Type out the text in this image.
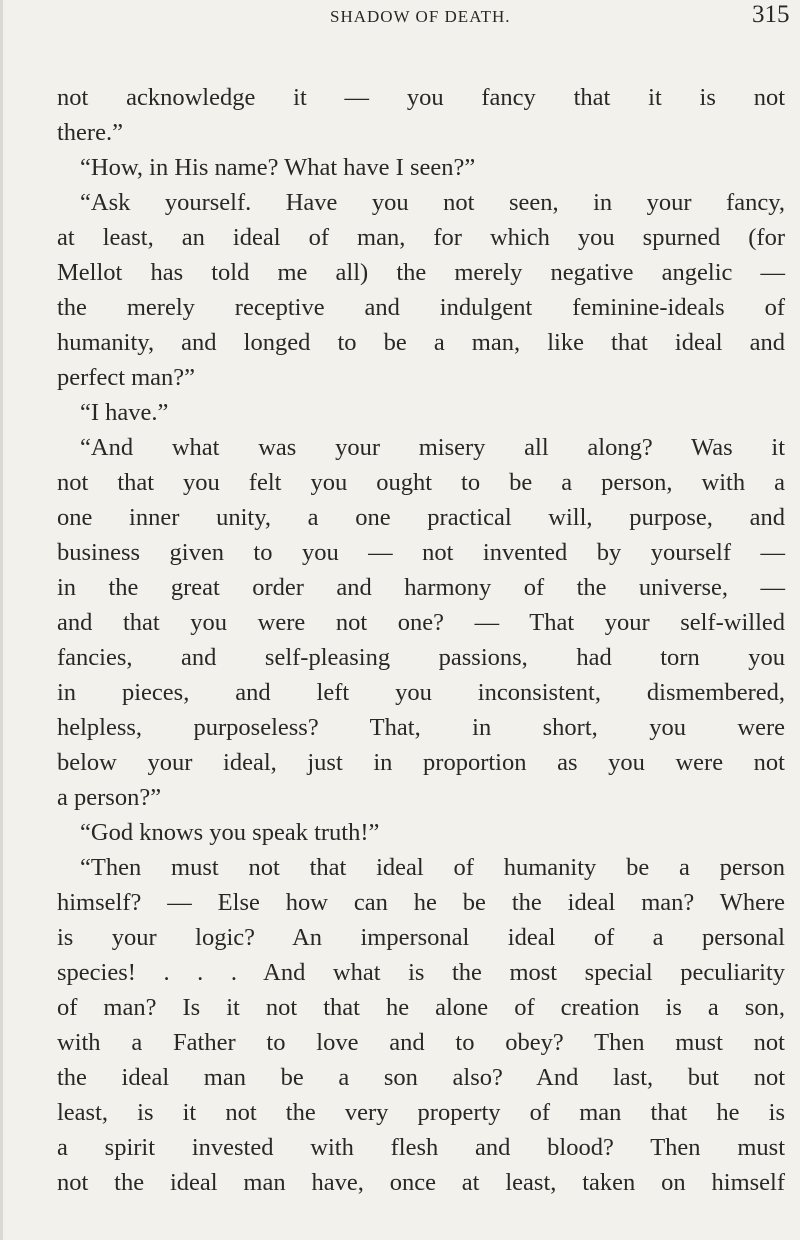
SHADOW OF DEATH.	315
not acknowledge it — you fancy that it is not
there.”
“How, in His name? What have I seen?”
“Ask yourself. Have you not seen, in your fancy,
at least, an ideal of man, for which you spurned (for
Mellot has told me all) the merely negative angelic —
the merely receptive and indulgent feminine-ideals of
humanity, and longed to be a man, like that ideal and
perfect man?”
“I have.”
“And what was your misery all along? Was it
not that you felt you ought to be a person, with a
one inner unity, a one practical will, purpose, and
business given to you — not invented by yourself —
in the great order and harmony of the universe, —
and that you were not one? — That your self-willed
fancies, and self-pleasing passions, had torn you
in pieces, and left you inconsistent, dismembered,
helpless, purposeless? That, in short, you were
below your ideal, just in proportion as you were not
a person?”
“God knows you speak truth!”
“Then must not that ideal of humanity be a person
himself? — Else how can he be the ideal man? Where
is your logic? An impersonal ideal of a personal
species! . . . And what is the most special peculiarity
of man? Is it not that he alone of creation is a son,
with a Father to love and to obey? Then must not
the ideal man be a son also? And last, but not
least, is it not the very property of man that he is
a spirit invested with flesh and blood? Then must
not the ideal man have, once at least, taken on himself
